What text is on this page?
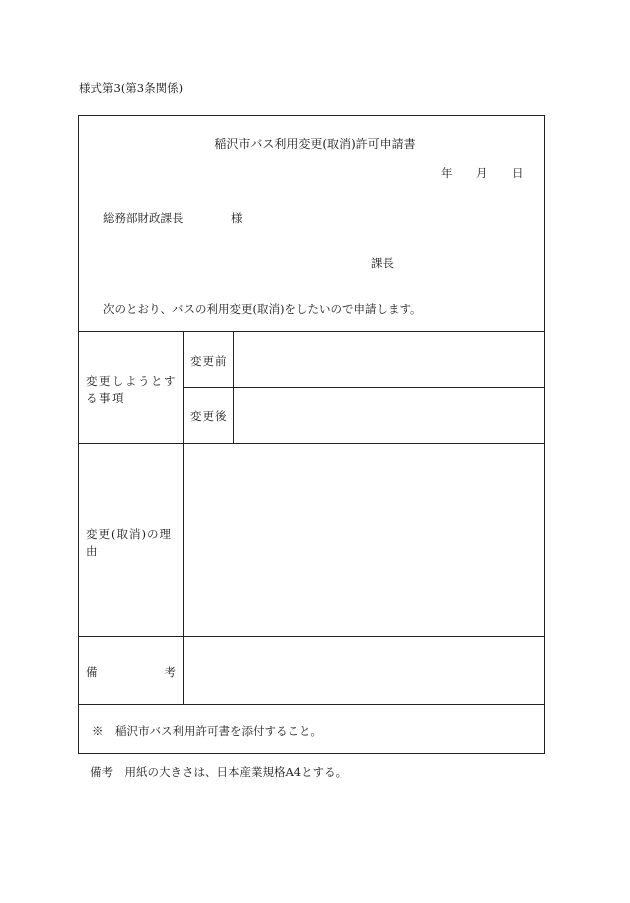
様式第3(第3条関係)
稲沢市バス利用変更(取消)許可申請書
年 月 日
総務部財政課長	様
課長
次のとおり、バスの利用変更(取消)をしたいので申請します。
変更しようとする事項
変更前
変更後
変更(取消)の理由
備	考
※　稲沢市バス利用許可書を添付すること。
備考　用紙の大きさは、日本産業規格A4とする。
